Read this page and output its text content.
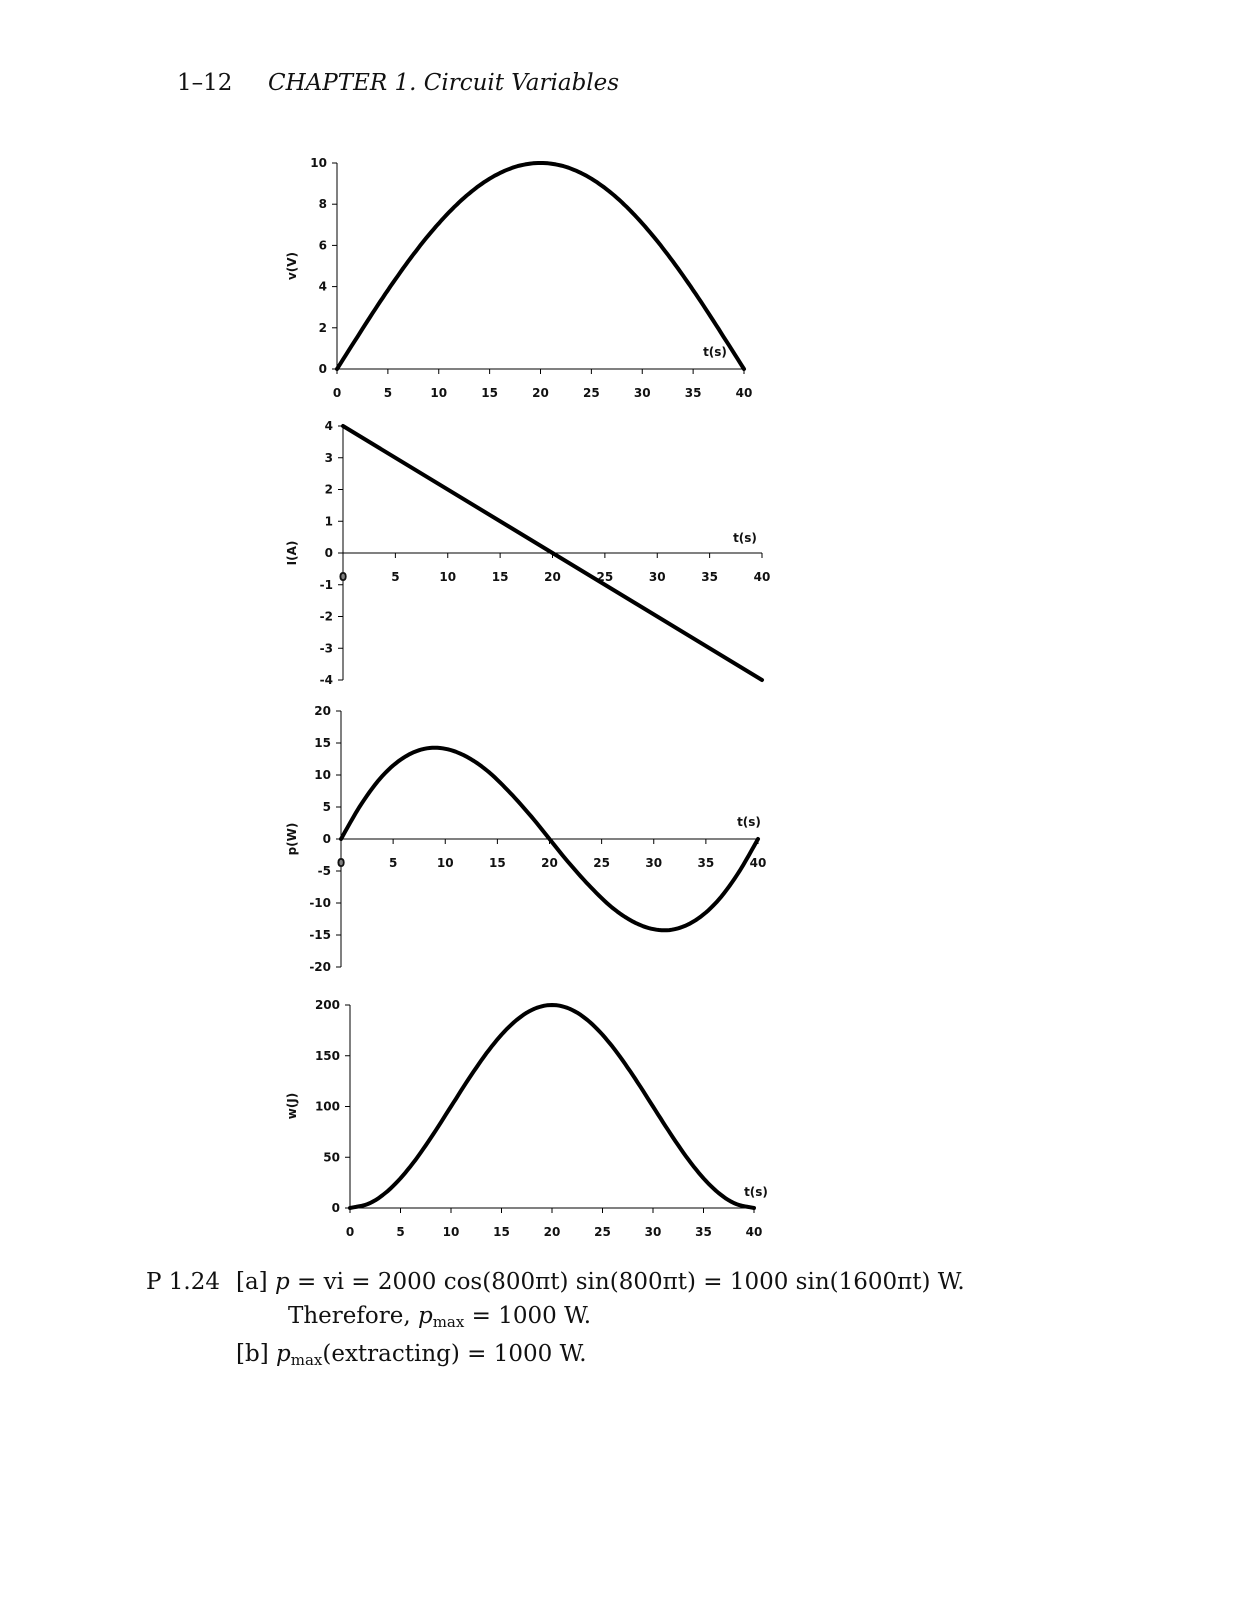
1–12 CHAPTER 1. Circuit Variables
0
2
4
6
8
10
0	5	10	15	20	25	30	35	40
v(V)
t(s)
4
3
2
1
0
-1
-2
-3
-4
0	5	10	15	20	25	30	35	40
I(A)
t(s)
20
15
10
5
0
-5
-10
-15
-20
0	5	10	15	20	25	30	35	40
p(W)
t(s)
0
50
100
150
200
0	5	10	15	20	25	30	35	40
w(J)
t(s)
P 1.24 [a] p = vi = 2000 cos(800πt) sin(800πt) = 1000 sin(1600πt) W.
Therefore, $p_{max} = 1000$ W.
[b] $p_{max}(extracting) = 1000$ W.
